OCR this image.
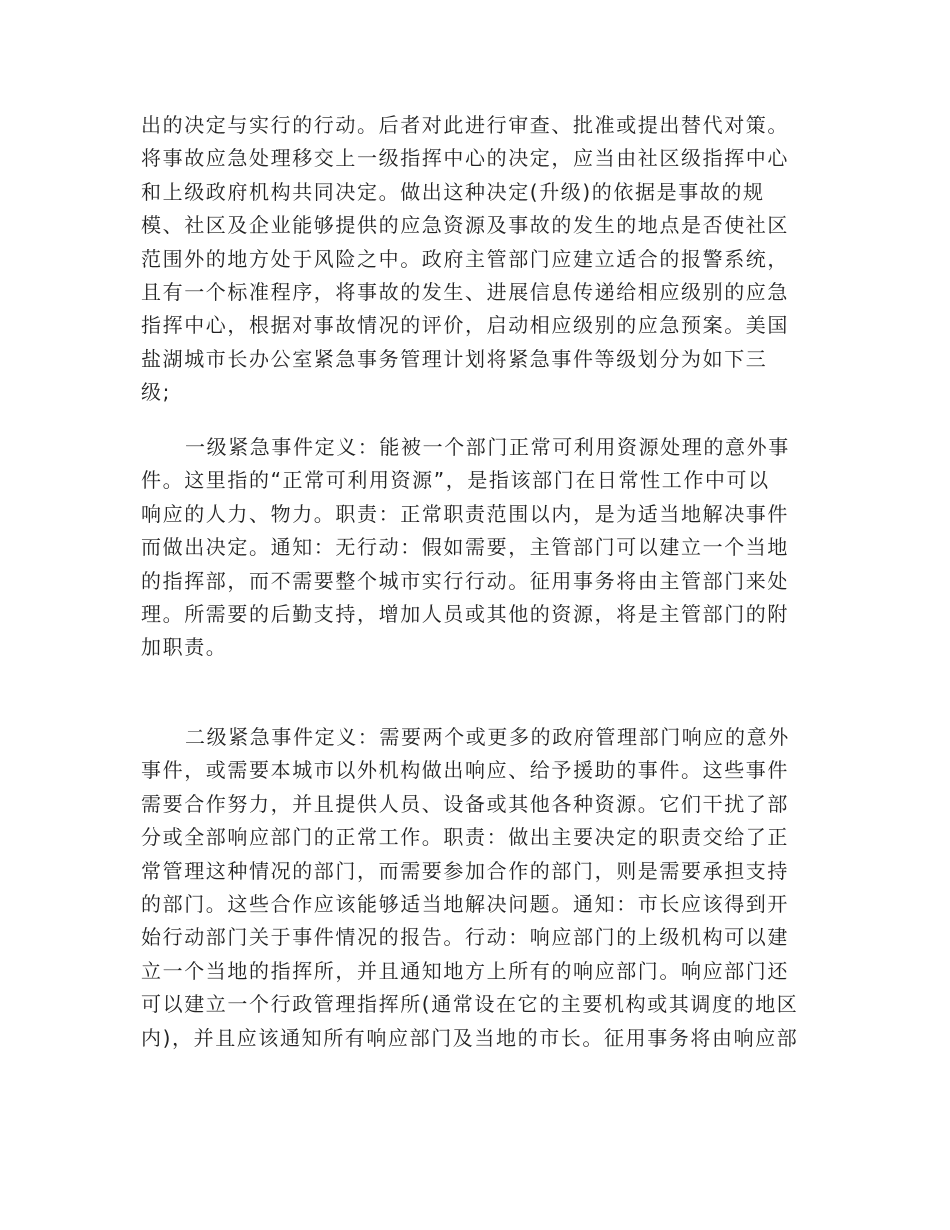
出的决定与实行的行动。后者对此进行审查、批准或提出替代对策。
将事故应急处理移交上一级指挥中心的决定，应当由社区级指挥中心
和上级政府机构共同决定。做出这种决定(升级)的依据是事故的规
模、社区及企业能够提供的应急资源及事故的发生的地点是否使社区
范围外的地方处于风险之中。政府主管部门应建立适合的报警系统，
且有一个标准程序，将事故的发生、进展信息传递给相应级别的应急
指挥中心，根据对事故情况的评价，启动相应级别的应急预案。美国
盐湖城市长办公室紧急事务管理计划将紧急事件等级划分为如下三
级;
一级紧急事件定义：能被一个部门正常可利用资源处理的意外事
件。这里指的“正常可利用资源”，是指该部门在日常性工作中可以
响应的人力、物力。职责：正常职责范围以内，是为适当地解决事件
而做出决定。通知：无行动：假如需要，主管部门可以建立一个当地
的指挥部，而不需要整个城市实行行动。征用事务将由主管部门来处
理。所需要的后勤支持，增加人员或其他的资源，将是主管部门的附
加职责。
二级紧急事件定义：需要两个或更多的政府管理部门响应的意外
事件，或需要本城市以外机构做出响应、给予援助的事件。这些事件
需要合作努力，并且提供人员、设备或其他各种资源。它们干扰了部
分或全部响应部门的正常工作。职责：做出主要决定的职责交给了正
常管理这种情况的部门，而需要参加合作的部门，则是需要承担支持
的部门。这些合作应该能够适当地解决问题。通知：市长应该得到开
始行动部门关于事件情况的报告。行动：响应部门的上级机构可以建
立一个当地的指挥所，并且通知地方上所有的响应部门。响应部门还
可以建立一个行政管理指挥所(通常设在它的主要机构或其调度的地区
内)，并且应该通知所有响应部门及当地的市长。征用事务将由响应部
